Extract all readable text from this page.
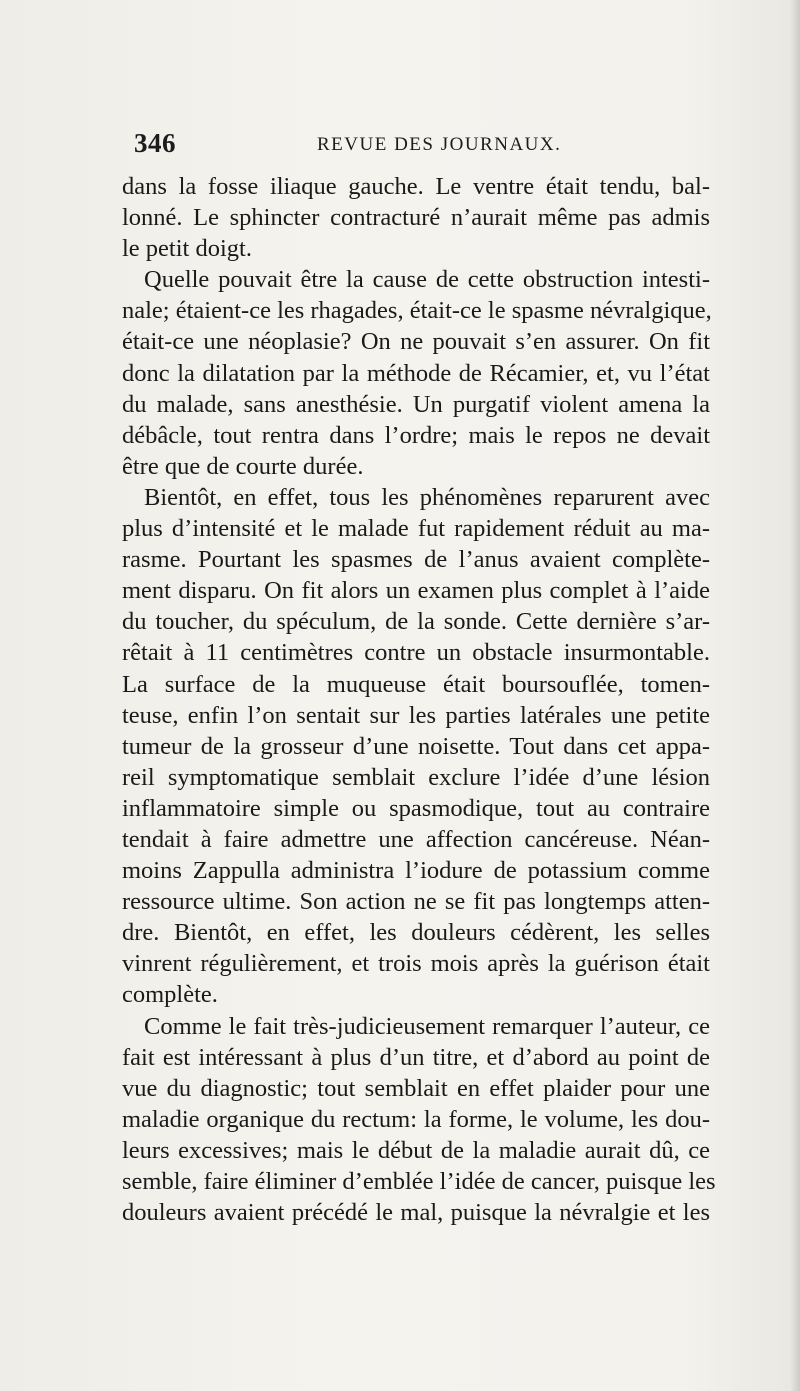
346	REVUE DES JOURNAUX.
dans la fosse iliaque gauche. Le ventre était tendu, bal-
lonné. Le sphincter contracturé n’aurait même pas admis
le petit doigt.
Quelle pouvait être la cause de cette obstruction intesti-
nale; étaient-ce les rhagades, était-ce le spasme névralgique,
était-ce une néoplasie? On ne pouvait s’en assurer. On fit
donc la dilatation par la méthode de Récamier, et, vu l’état
du malade, sans anesthésie. Un purgatif violent amena la
débâcle, tout rentra dans l’ordre; mais le repos ne devait
être que de courte durée.
Bientôt, en effet, tous les phénomènes reparurent avec
plus d’intensité et le malade fut rapidement réduit au ma-
rasme. Pourtant les spasmes de l’anus avaient complète-
ment disparu. On fit alors un examen plus complet à l’aide
du toucher, du spéculum, de la sonde. Cette dernière s’ar-
rêtait à 11 centimètres contre un obstacle insurmontable.
La surface de la muqueuse était boursouflée, tomen-
teuse, enfin l’on sentait sur les parties latérales une petite
tumeur de la grosseur d’une noisette. Tout dans cet appa-
reil symptomatique semblait exclure l’idée d’une lésion
inflammatoire simple ou spasmodique, tout au contraire
tendait à faire admettre une affection cancéreuse. Néan-
moins Zappulla administra l’iodure de potassium comme
ressource ultime. Son action ne se fit pas longtemps atten-
dre. Bientôt, en effet, les douleurs cédèrent, les selles
vinrent régulièrement, et trois mois après la guérison était
complète.
Comme le fait très-judicieusement remarquer l’auteur, ce
fait est intéressant à plus d’un titre, et d’abord au point de
vue du diagnostic; tout semblait en effet plaider pour une
maladie organique du rectum: la forme, le volume, les dou-
leurs excessives; mais le début de la maladie aurait dû, ce
semble, faire éliminer d’emblée l’idée de cancer, puisque les
douleurs avaient précédé le mal, puisque la névralgie et les
